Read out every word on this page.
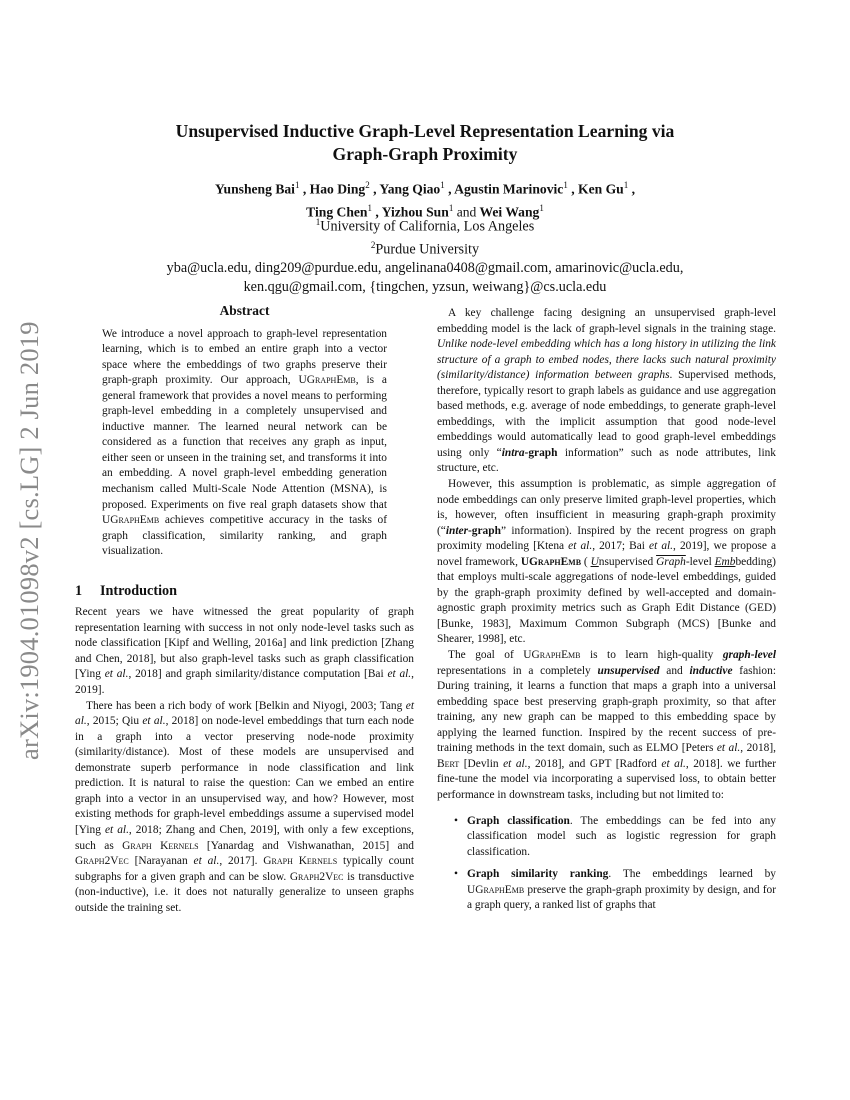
arXiv:1904.01098v2 [cs.LG] 2 Jun 2019
Unsupervised Inductive Graph-Level Representation Learning via
Graph-Graph Proximity
Yunsheng Bai$^1$ , Hao Ding$^2$ , Yang Qiao$^1$ , Agustin Marinovic$^1$ , Ken Gu$^1$ ,
Ting Chen$^1$ , Yizhou Sun$^1$ and Wei Wang$^1$
$^1$University of California, Los Angeles
$^2$Purdue University
yba@ucla.edu, ding209@purdue.edu, angelinana0408@gmail.com, amarinovic@ucla.edu,
ken.qgu@gmail.com, {tingchen, yzsun, weiwang}@cs.ucla.edu
Abstract

We introduce a novel approach to graph-level representation learning, which is to embed an entire graph into a vector space where the embeddings of two graphs preserve their graph-graph proximity. Our approach, UGraphEmb, is a general framework that provides a novel means to performing graph-level embedding in a completely unsupervised and inductive manner. The learned neural network can be considered as a function that receives any graph as input, either seen or unseen in the training set, and transforms it into an embedding. A novel graph-level embedding generation mechanism called Multi-Scale Node Attention (MSNA), is proposed. Experiments on five real graph datasets show that UGraphEmb achieves competitive accuracy in the tasks of graph classification, similarity ranking, and graph visualization.

1 Introduction

Recent years we have witnessed the great popularity of graph representation learning with success in not only node-level tasks such as node classification [Kipf and Welling, 2016a] and link prediction [Zhang and Chen, 2018], but also graph-level tasks such as graph classification [Ying et al., 2018] and graph similarity/distance computation [Bai et al., 2019].

There has been a rich body of work [Belkin and Niyogi, 2003; Tang et al., 2015; Qiu et al., 2018] on node-level embeddings that turn each node in a graph into a vector preserving node-node proximity (similarity/distance). Most of these models are unsupervised and demonstrate superb performance in node classification and link prediction. It is natural to raise the question: Can we embed an entire graph into a vector in an unsupervised way, and how? However, most existing methods for graph-level embeddings assume a supervised model [Ying et al., 2018; Zhang and Chen, 2019], with only a few exceptions, such as Graph Kernels [Yanardag and Vishwanathan, 2015] and Graph2Vec [Narayanan et al., 2017]. Graph Kernels typically count subgraphs for a given graph and can be slow. Graph2Vec is transductive (non-inductive), i.e. it does not naturally generalize to unseen graphs outside the training set.

A key challenge facing designing an unsupervised graph-level embedding model is the lack of graph-level signals in the training stage. Unlike node-level embedding which has a long history in utilizing the link structure of a graph to embed nodes, there lacks such natural proximity (similarity/distance) information between graphs. Supervised methods, therefore, typically resort to graph labels as guidance and use aggregation based methods, e.g. average of node embeddings, to generate graph-level embeddings, with the implicit assumption that good node-level embeddings would automatically lead to good graph-level embeddings using only “intra-graph information” such as node attributes, link structure, etc.

However, this assumption is problematic, as simple aggregation of node embeddings can only preserve limited graph-level properties, which is, however, often insufficient in measuring graph-graph proximity (“inter-graph” information). Inspired by the recent progress on graph proximity modeling [Ktena et al., 2017; Bai et al., 2019], we propose a novel framework, UGraphEmb ( Unsupervised Graph-level Embbedding) that employs multi-scale aggregations of node-level embeddings, guided by the graph-graph proximity defined by well-accepted and domain-agnostic graph proximity metrics such as Graph Edit Distance (GED) [Bunke, 1983], Maximum Common Subgraph (MCS) [Bunke and Shearer, 1998], etc.

The goal of UGraphEmb is to learn high-quality graph-level representations in a completely unsupervised and inductive fashion: During training, it learns a function that maps a graph into a universal embedding space best preserving graph-graph proximity, so that after training, any new graph can be mapped to this embedding space by applying the learned function. Inspired by the recent success of pre-training methods in the text domain, such as ELMO [Peters et al., 2018], Bert [Devlin et al., 2018], and GPT [Radford et al., 2018]. we further fine-tune the model via incorporating a supervised loss, to obtain better performance in downstream tasks, including but not limited to:

• Graph classification. The embeddings can be fed into any classification model such as logistic regression for graph classification.
• Graph similarity ranking. The embeddings learned by UGraphEmb preserve the graph-graph proximity by design, and for a graph query, a ranked list of graphs that
